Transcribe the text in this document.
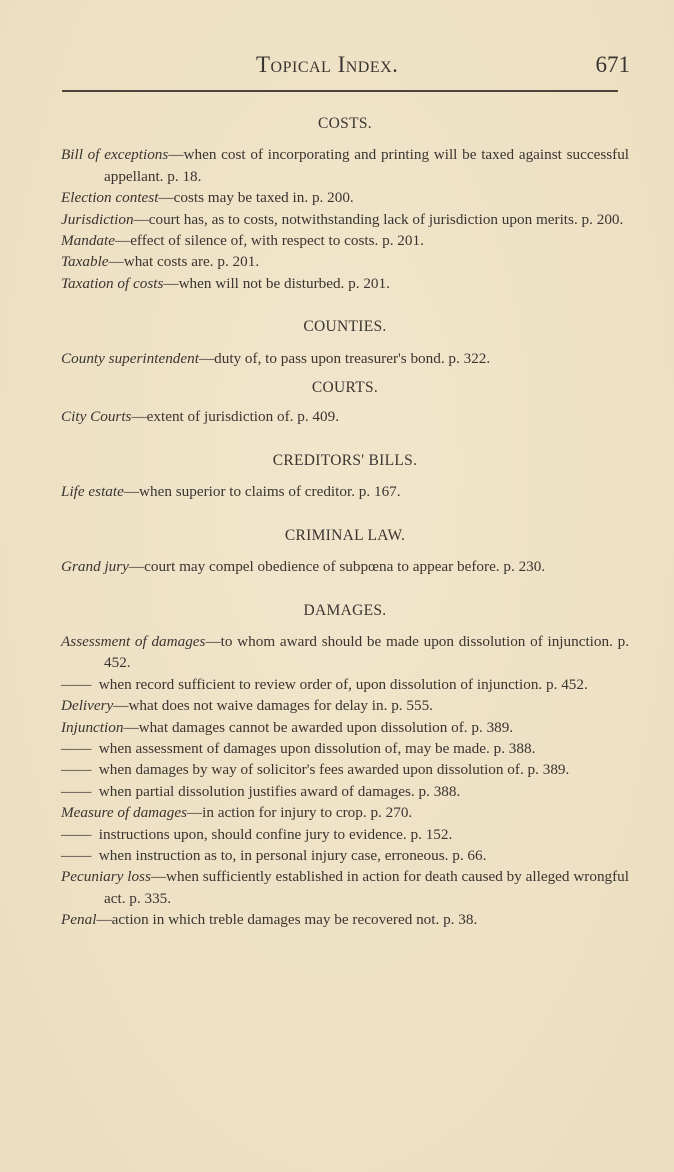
Topical Index.	671
COSTS.
Bill of exceptions—when cost of incorporating and printing will be taxed against successful appellant. p. 18.
Election contest—costs may be taxed in. p. 200.
Jurisdiction—court has, as to costs, notwithstanding lack of jurisdiction upon merits. p. 200.
Mandate—effect of silence of, with respect to costs. p. 201.
Taxable—what costs are. p. 201.
Taxation of costs—when will not be disturbed. p. 201.
COUNTIES.
County superintendent—duty of, to pass upon treasurer's bond. p. 322.
COURTS.
City Courts—extent of jurisdiction of. p. 409.
CREDITORS' BILLS.
Life estate—when superior to claims of creditor. p. 167.
CRIMINAL LAW.
Grand jury—court may compel obedience of subpœna to appear before. p. 230.
DAMAGES.
Assessment of damages—to whom award should be made upon dissolution of injunction. p. 452.
—— when record sufficient to review order of, upon dissolution of injunction. p. 452.
Delivery—what does not waive damages for delay in. p. 555.
Injunction—what damages cannot be awarded upon dissolution of. p. 389.
—— when assessment of damages upon dissolution of, may be made. p. 388.
—— when damages by way of solicitor's fees awarded upon dissolution of. p. 389.
—— when partial dissolution justifies award of damages. p. 388.
Measure of damages—in action for injury to crop. p. 270.
—— instructions upon, should confine jury to evidence. p. 152.
—— when instruction as to, in personal injury case, erroneous. p. 66.
Pecuniary loss—when sufficiently established in action for death caused by alleged wrongful act. p. 335.
Penal—action in which treble damages may be recovered not. p. 38.
